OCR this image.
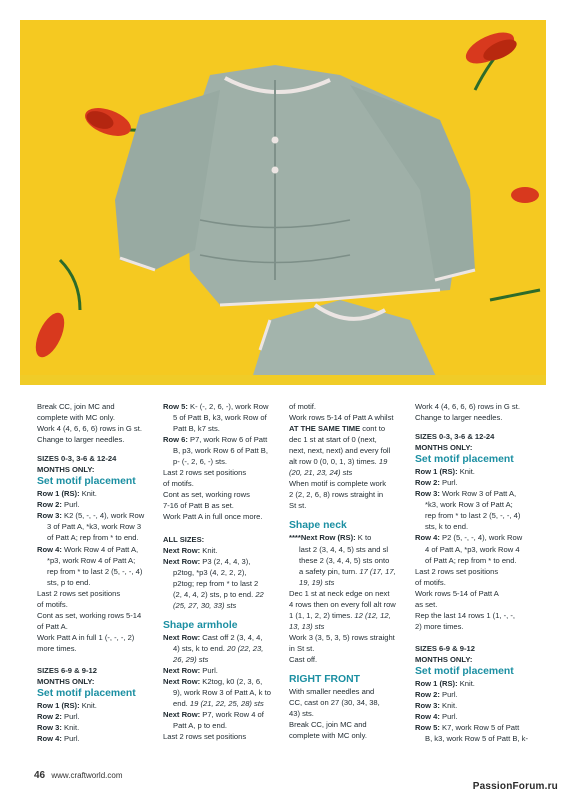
Break CC, join MC and

complete with MC only.

Work 4 (4, 6, 6, 6) rows in G st.

Change to larger needles.

SIZES 0-3, 3-6 & 12-24

MONTHS ONLY:

Set motif placement

Row 1 (RS): Knit.

Row 2: Purl.

Row 3: K2 (5, -, -, 4), work Row

3 of Patt A, *k3, work Row 3

of Patt A; rep from * to end.

Row 4: Work Row 4 of Patt A,

*p3, work Row 4 of Patt A;

rep from * to last 2 (5, -, -, 4)

sts, p to end.

Last 2 rows set positions

of motifs.

Cont as set, working rows 5-14

of Patt A.

Work Patt A in full 1 (-, -, -, 2)

more times.

SIZES 6-9 & 9-12

MONTHS ONLY:

Set motif placement

Row 1 (RS): Knit.

Row 2: Purl.

Row 3: Knit.

Row 4: Purl.

Row 5: K- (-, 2, 6, -), work Row

5 of Patt B, k3, work Row of

Patt B, k7 sts.

Row 6: P7, work Row 6 of Patt

B, p3, work Row 6 of Patt B,

p- (-, 2, 6, -) sts.

Last 2 rows set positions

of motifs.

Cont as set, working rows

7-16 of Patt B as set.

Work Patt A in full once more.

ALL SIZES:

Next Row: Knit.

Next Row: P3 (2, 4, 4, 3),

p2tog, *p3 (4, 2, 2, 2),

p2tog; rep from * to last 2

(2, 4, 4, 2) sts, p to end. 22

(25, 27, 30, 33) sts

Shape armhole

Next Row: Cast off 2 (3, 4, 4,

4) sts, k to end. 20 (22, 23,

26, 29) sts

Next Row: Purl.

Next Row: K2tog, k0 (2, 3, 6,

9), work Row 3 of Patt A, k to

end. 19 (21, 22, 25, 28) sts

Next Row: P7, work Row 4 of

Patt A, p to end.

Last 2 rows set positions

of motif.

Work rows 5-14 of Patt A whilst

AT THE SAME TIME cont to

dec 1 st at start of 0 (next,

next, next, next) and every foll

alt row 0 (0, 0, 1, 3) times. 19

(20, 21, 23, 24) sts

When motif is complete work

2 (2, 2, 6, 8) rows straight in

St st.

Shape neck

****Next Row (RS): K to

last 2 (3, 4, 4, 5) sts and sl

these 2 (3, 4, 4, 5) sts onto

a safety pin, turn. 17 (17, 17,

19, 19) sts

Dec 1 st at neck edge on next

4 rows then on every foll alt row

1 (1, 1, 2, 2) times. 12 (12, 12,

13, 13) sts

Work 3 (3, 5, 3, 5) rows straight

in St st.

Cast off.

RIGHT FRONT

With smaller needles and

CC, cast on 27 (30, 34, 38,

43) sts.

Break CC, join MC and

complete with MC only.

Work 4 (4, 6, 6, 6) rows in G st.

Change to larger needles.

SIZES 0-3, 3-6 & 12-24

MONTHS ONLY:

Set motif placement

Row 1 (RS): Knit.

Row 2: Purl.

Row 3: Work Row 3 of Patt A,

*k3, work Row 3 of Patt A;

rep from * to last 2 (5, -, -, 4)

sts, k to end.

Row 4: P2 (5, -, -, 4), work Row

4 of Patt A, *p3, work Row 4

of Patt A; rep from * to end.

Last 2 rows set positions

of motifs.

Work rows 5-14 of Patt A

as set.

Rep the last 14 rows 1 (1, -, -,

2) more times.

SIZES 6-9 & 9-12

MONTHS ONLY:

Set motif placement

Row 1 (RS): Knit.

Row 2: Purl.

Row 3: Knit.

Row 4: Purl.

Row 5: K7, work Row 5 of Patt

B, k3, work Row 5 of Patt B, k-

46 www.craftworld.com
PassionForum.ru
